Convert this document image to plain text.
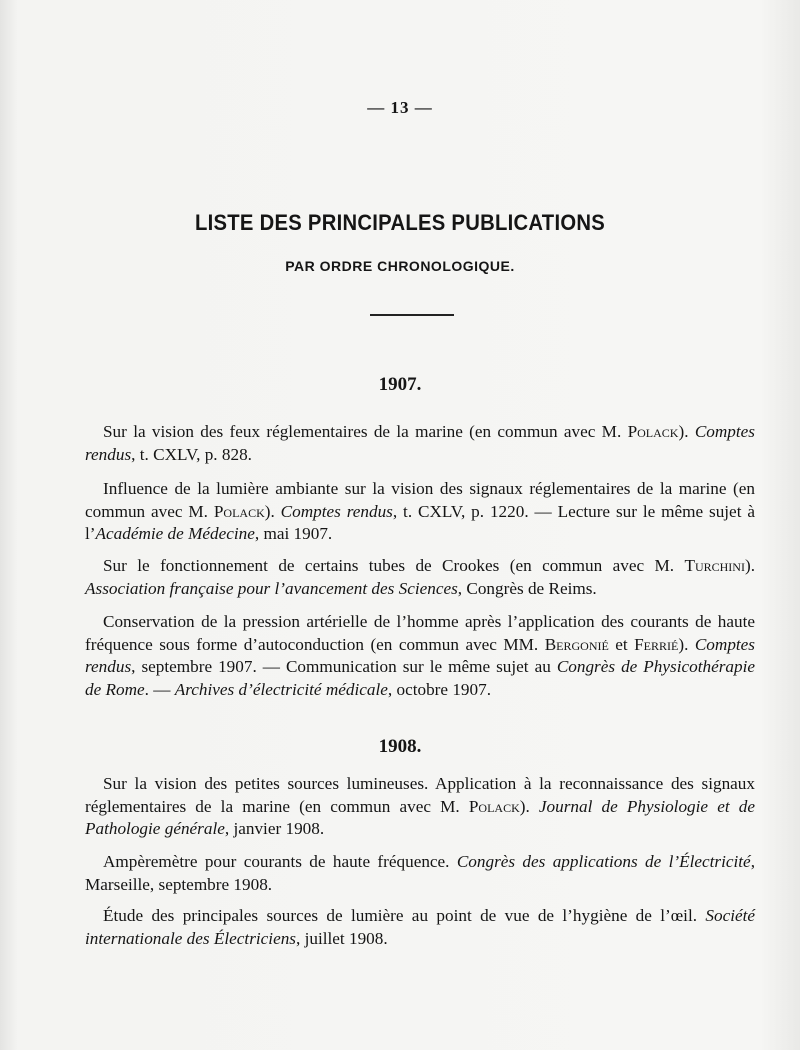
— 13 —
LISTE DES PRINCIPALES PUBLICATIONS
PAR ORDRE CHRONOLOGIQUE.
1907.
Sur la vision des feux réglementaires de la marine (en commun avec M. Polack). Comptes rendus, t. CXLV, p. 828.
Influence de la lumière ambiante sur la vision des signaux réglementaires de la marine (en commun avec M. Polack). Comptes rendus, t. CXLV, p. 1220. — Lecture sur le même sujet à l’Académie de Médecine, mai 1907.
Sur le fonctionnement de certains tubes de Crookes (en commun avec M. Turchini). Association française pour l’avancement des Sciences, Congrès de Reims.
Conservation de la pression artérielle de l’homme après l’application des courants de haute fréquence sous forme d’autoconduction (en commun avec MM. Bergonié et Ferrié). Comptes rendus, septembre 1907. — Communication sur le même sujet au Congrès de Physicothérapie de Rome. — Archives d’électricité médicale, octobre 1907.
1908.
Sur la vision des petites sources lumineuses. Application à la reconnaissance des signaux réglementaires de la marine (en commun avec M. Polack). Journal de Physiologie et de Pathologie générale, janvier 1908.
Ampèremètre pour courants de haute fréquence. Congrès des applications de l’Électricité, Marseille, septembre 1908.
Étude des principales sources de lumière au point de vue de l’hygiène de l’œil. Société internationale des Électriciens, juillet 1908.
